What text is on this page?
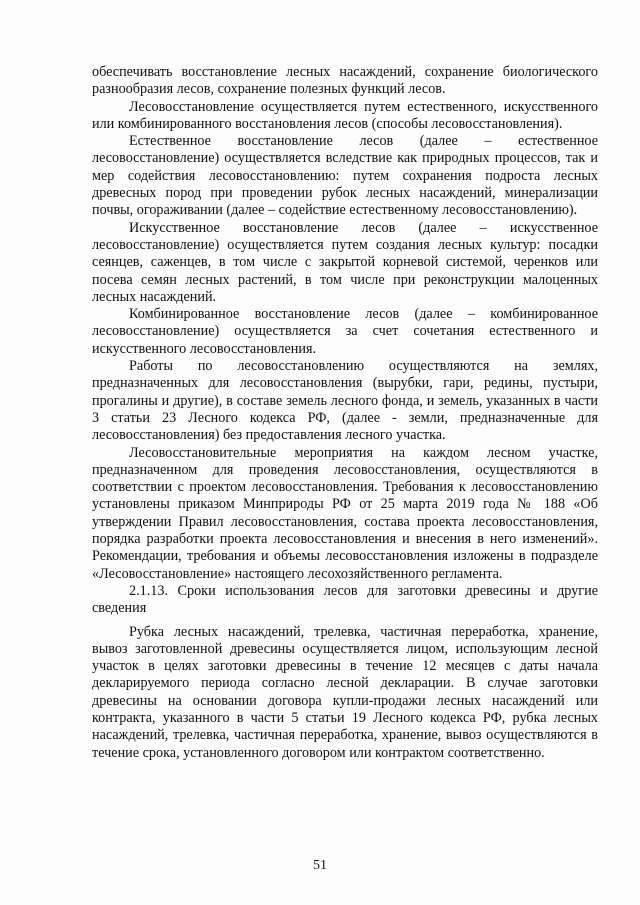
обеспечивать восстановление лесных насаждений, сохранение биологического разнообразия лесов, сохранение полезных функций лесов.

Лесовосстановление осуществляется путем естественного, искусственного или комбинированного восстановления лесов (способы лесовосстановления).

Естественное восстановление лесов (далее – естественное лесовосстановление) осуществляется вследствие как природных процессов, так и мер содействия лесовосстановлению: путем сохранения подроста лесных древесных пород при проведении рубок лесных насаждений, минерализации почвы, огораживании (далее – содействие естественному лесовосстановлению).

Искусственное восстановление лесов (далее – искусственное лесовосстановление) осуществляется путем создания лесных культур: посадки сеянцев, саженцев, в том числе с закрытой корневой системой, черенков или посева семян лесных растений, в том числе при реконструкции малоценных лесных насаждений.

Комбинированное восстановление лесов (далее – комбинированное лесовосстановление) осуществляется за счет сочетания естественного и искусственного лесовосстановления.

Работы по лесовосстановлению осуществляются на землях, предназначенных для лесовосстановления (вырубки, гари, редины, пустыри, прогалины и другие), в составе земель лесного фонда, и земель, указанных в части 3 статьи 23 Лесного кодекса РФ, (далее - земли, предназначенные для лесовосстановления) без предоставления лесного участка.

Лесовосстановительные мероприятия на каждом лесном участке, предназначенном для проведения лесовосстановления, осуществляются в соответствии с проектом лесовосстановления. Требования к лесовосстановлению установлены приказом Минприроды РФ от 25 марта 2019 года № 188 «Об утверждении Правил лесовосстановления, состава проекта лесовосстановления, порядка разработки проекта лесовосстановления и внесения в него изменений». Рекомендации, требования и объемы лесовосстановления изложены в подразделе «Лесовосстановление» настоящего лесохозяйственного регламента.

2.1.13. Сроки использования лесов для заготовки древесины и другие сведения

Рубка лесных насаждений, трелевка, частичная переработка, хранение, вывоз заготовленной древесины осуществляется лицом, использующим лесной участок в целях заготовки древесины в течение 12 месяцев с даты начала декларируемого периода согласно лесной декларации. В случае заготовки древесины на основании договора купли-продажи лесных насаждений или контракта, указанного в части 5 статьи 19 Лесного кодекса РФ, рубка лесных насаждений, трелевка, частичная переработка, хранение, вывоз осуществляются в течение срока, установленного договором или контрактом соответственно.

51
